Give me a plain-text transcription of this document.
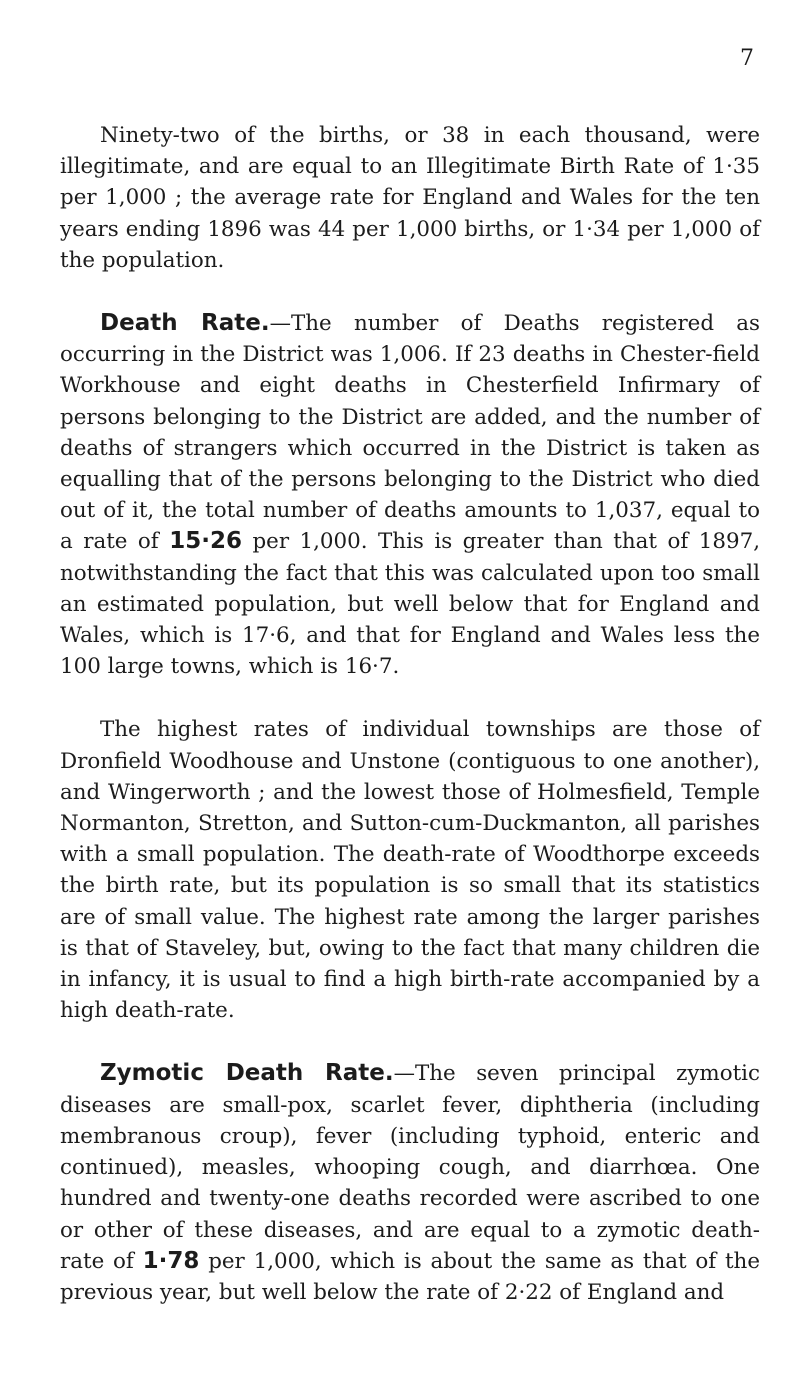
7

Ninety-two of the births, or 38 in each thousand, were illegitimate, and are equal to an Illegitimate Birth Rate of 1·35 per 1,000 ; the average rate for England and Wales for the ten years ending 1896 was 44 per 1,000 births, or 1·34 per 1,000 of the population.

Death Rate.—The number of Deaths registered as occurring in the District was 1,006. If 23 deaths in Chester-field Workhouse and eight deaths in Chesterfield Infirmary of persons belonging to the District are added, and the number of deaths of strangers which occurred in the District is taken as equalling that of the persons belonging to the District who died out of it, the total number of deaths amounts to 1,037, equal to a rate of 15·26 per 1,000. This is greater than that of 1897, notwithstanding the fact that this was calculated upon too small an estimated population, but well below that for England and Wales, which is 17·6, and that for England and Wales less the 100 large towns, which is 16·7.

The highest rates of individual townships are those of Dronfield Woodhouse and Unstone (contiguous to one another), and Wingerworth ; and the lowest those of Holmesfield, Temple Normanton, Stretton, and Sutton-cum-Duckmanton, all parishes with a small population. The death-rate of Woodthorpe exceeds the birth rate, but its population is so small that its statistics are of small value. The highest rate among the larger parishes is that of Staveley, but, owing to the fact that many children die in infancy, it is usual to find a high birth-rate accompanied by a high death-rate.

Zymotic Death Rate.—The seven principal zymotic diseases are small-pox, scarlet fever, diphtheria (including membranous croup), fever (including typhoid, enteric and continued), measles, whooping cough, and diarrhœa. One hundred and twenty-one deaths recorded were ascribed to one or other of these diseases, and are equal to a zymotic death-rate of 1·78 per 1,000, which is about the same as that of the previous year, but well below the rate of 2·22 of England and
